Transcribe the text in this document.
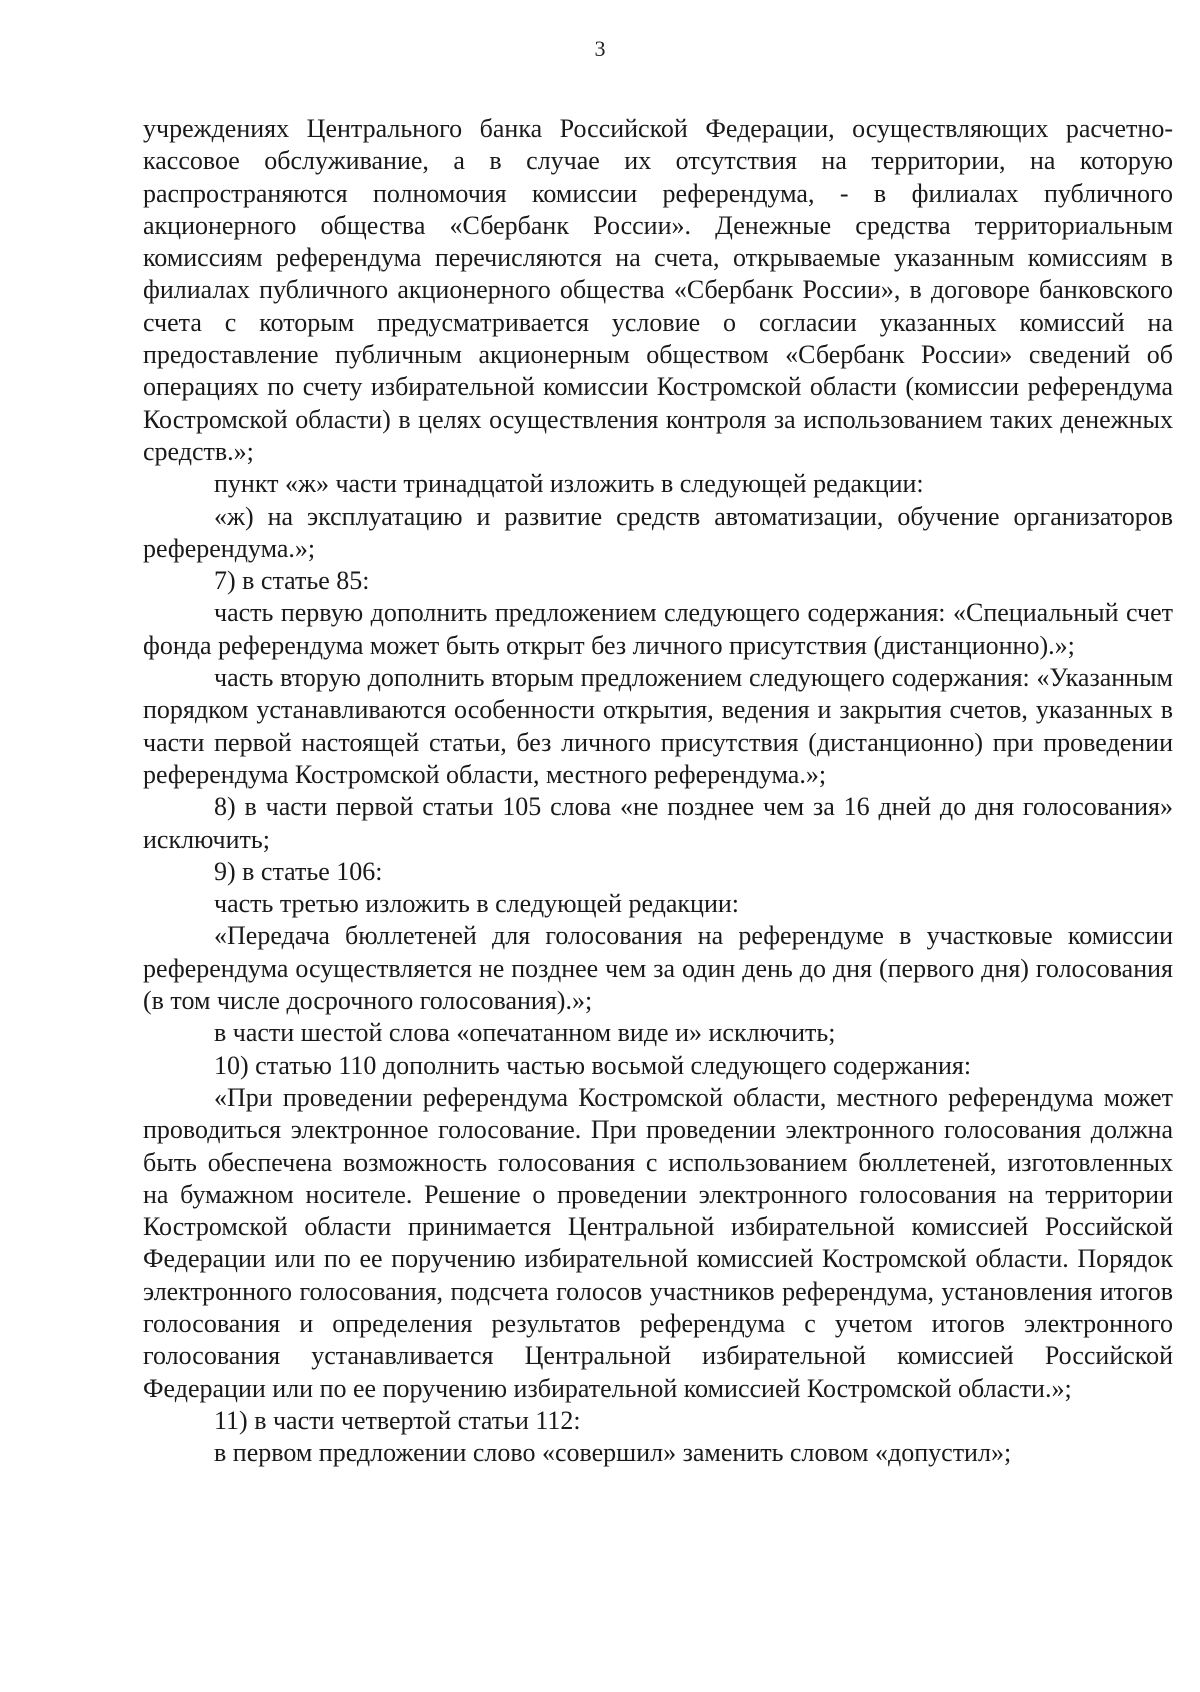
3

учреждениях Центрального банка Российской Федерации, осуществляющих расчетно-кассовое обслуживание, а в случае их отсутствия на территории, на которую распространяются полномочия комиссии референдума, - в филиалах публичного акционерного общества «Сбербанк России». Денежные средства территориальным комиссиям референдума перечисляются на счета, открываемые указанным комиссиям в филиалах публичного акционерного общества «Сбербанк России», в договоре банковского счета с которым предусматривается условие о согласии указанных комиссий на предоставление публичным акционерным обществом «Сбербанк России» сведений об операциях по счету избирательной комиссии Костромской области (комиссии референдума Костромской области) в целях осуществления контроля за использованием таких денежных средств.»;

пункт «ж» части тринадцатой изложить в следующей редакции:

«ж) на эксплуатацию и развитие средств автоматизации, обучение организаторов референдума.»;

7) в статье 85:

часть первую дополнить предложением следующего содержания: «Специальный счет фонда референдума может быть открыт без личного присутствия (дистанционно).»;

часть вторую дополнить вторым предложением следующего содержания: «Указанным порядком устанавливаются особенности открытия, ведения и закрытия счетов, указанных в части первой настоящей статьи, без личного присутствия (дистанционно) при проведении референдума Костромской области, местного референдума.»;

8) в части первой статьи 105 слова «не позднее чем за 16 дней до дня голосования» исключить;

9) в статье 106:

часть третью изложить в следующей редакции:

«Передача бюллетеней для голосования на референдуме в участковые комиссии референдума осуществляется не позднее чем за один день до дня (первого дня) голосования (в том числе досрочного голосования).»;

в части шестой слова «опечатанном виде и» исключить;

10) статью 110 дополнить частью восьмой следующего содержания:

«При проведении референдума Костромской области, местного референдума может проводиться электронное голосование. При проведении электронного голосования должна быть обеспечена возможность голосования с использованием бюллетеней, изготовленных на бумажном носителе. Решение о проведении электронного голосования на территории Костромской области принимается Центральной избирательной комиссией Российской Федерации или по ее поручению избирательной комиссией Костромской области. Порядок электронного голосования, подсчета голосов участников референдума, установления итогов голосования и определения результатов референдума с учетом итогов электронного голосования устанавливается Центральной избирательной комиссией Российской Федерации или по ее поручению избирательной комиссией Костромской области.»;

11) в части четвертой статьи 112:

в первом предложении слово «совершил» заменить словом «допустил»;
